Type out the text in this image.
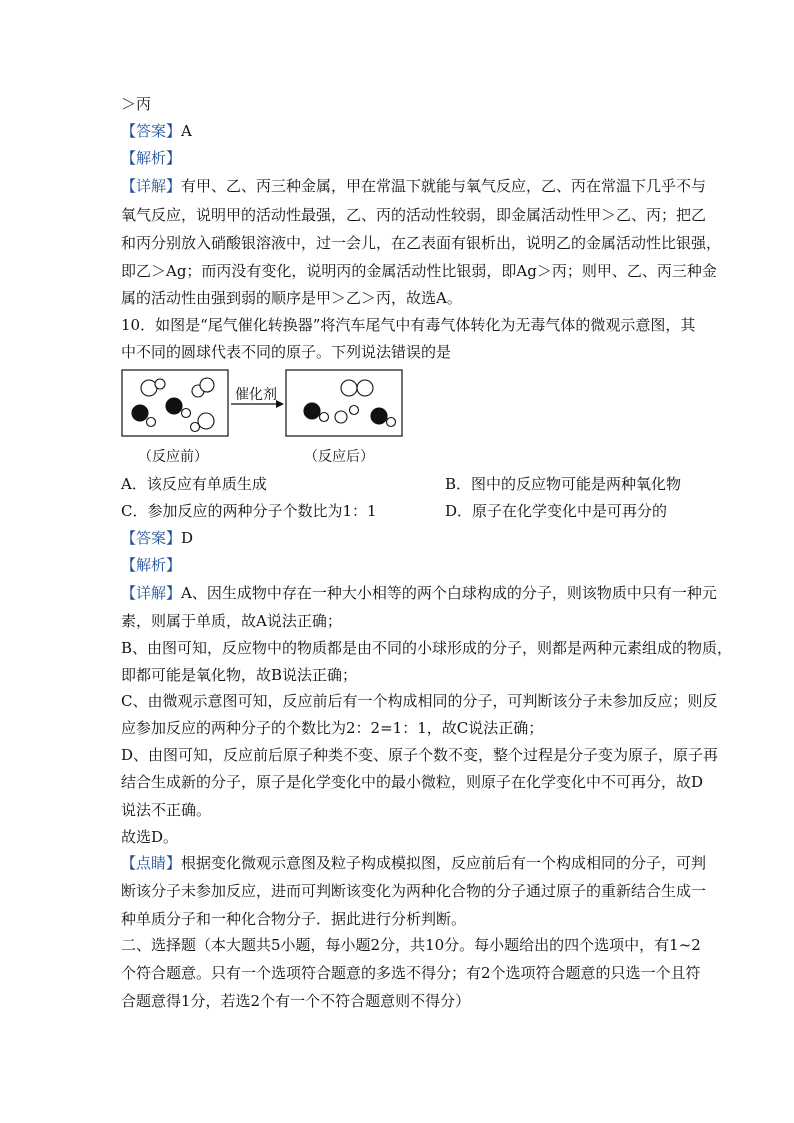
＞丙
【答案】A
【解析】
【详解】有甲、乙、丙三种金属，甲在常温下就能与氧气反应，乙、丙在常温下几乎不与
氧气反应，说明甲的活动性最强，乙、丙的活动性较弱，即金属活动性甲＞乙、丙；把乙
和丙分别放入硝酸银溶液中，过一会儿，在乙表面有银析出，说明乙的金属活动性比银强，
即乙＞Ag；而丙没有变化，说明丙的金属活动性比银弱，即Ag＞丙；则甲、乙、丙三种金
属的活动性由强到弱的顺序是甲＞乙＞丙，故选A。
10．如图是“尾气催化转换器”将汽车尾气中有毒气体转化为无毒气体的微观示意图，其
中不同的圆球代表不同的原子。下列说法错误的是
催化剂
（反应前）	（反应后）
A．该反应有单质生成	B．图中的反应物可能是两种氧化物
C．参加反应的两种分子个数比为1：1	D．原子在化学变化中是可再分的
【答案】D
【解析】
【详解】A、因生成物中存在一种大小相等的两个白球构成的分子，则该物质中只有一种元
素，则属于单质，故A说法正确；
B、由图可知，反应物中的物质都是由不同的小球形成的分子，则都是两种元素组成的物质，
即都可能是氧化物，故B说法正确；
C、由微观示意图可知，反应前后有一个构成相同的分子，可判断该分子未参加反应；则反
应参加反应的两种分子的个数比为2：2=1：1，故C说法正确；
D、由图可知，反应前后原子种类不变、原子个数不变，整个过程是分子变为原子，原子再
结合生成新的分子，原子是化学变化中的最小微粒，则原子在化学变化中不可再分，故D
说法不正确。
故选D。
【点睛】根据变化微观示意图及粒子构成模拟图，反应前后有一个构成相同的分子，可判
断该分子未参加反应，进而可判断该变化为两种化合物的分子通过原子的重新结合生成一
种单质分子和一种化合物分子．据此进行分析判断。
二、选择题（本大题共5小题，每小题2分，共10分。每小题给出的四个选项中，有1~2
个符合题意。只有一个选项符合题意的多选不得分；有2个选项符合题意的只选一个且符
合题意得1分，若选2个有一个不符合题意则不得分）
